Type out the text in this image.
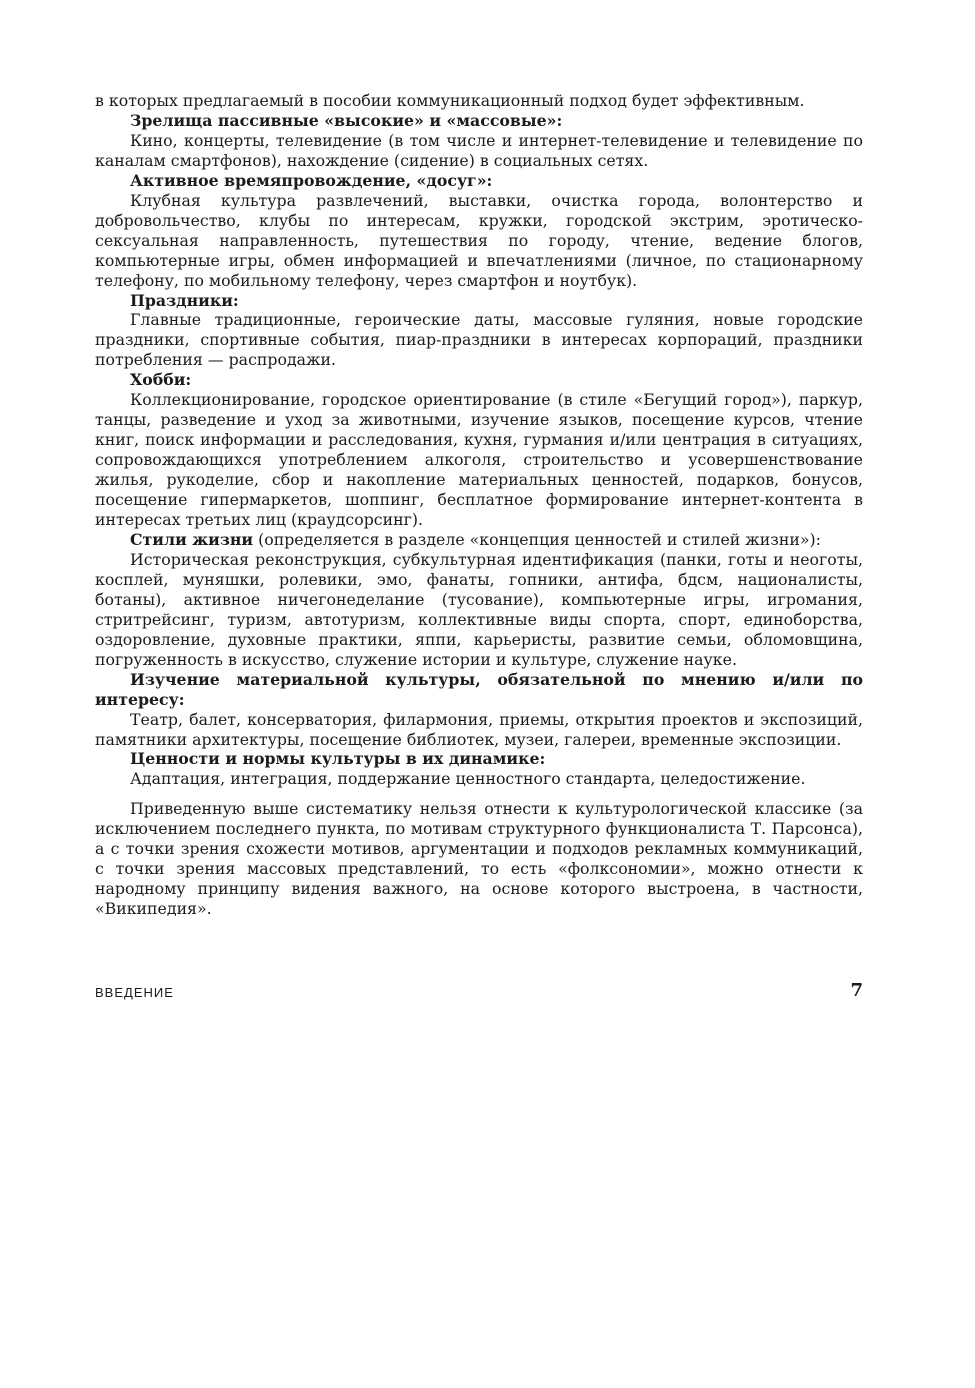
в которых предлагаемый в пособии коммуникационный подход будет эффективным.

Зрелища пассивные «высокие» и «массовые»:

Кино, концерты, телевидение (в том числе и интернет-телевидение и телевидение по каналам смартфонов), нахождение (сидение) в социальных сетях.

Активное времяпровождение, «досуг»:

Клубная культура развлечений, выставки, очистка города, волонтерство и добровольчество, клубы по интересам, кружки, городской экстрим, эротическо-сексуальная направленность, путешествия по городу, чтение, ведение блогов, компьютерные игры, обмен информацией и впечатлениями (личное, по стационарному телефону, по мобильному телефону, через смартфон и ноутбук).

Праздники:

Главные традиционные, героические даты, массовые гуляния, новые городские праздники, спортивные события, пиар-праздники в интересах корпораций, праздники потребления — распродажи.

Хобби:

Коллекционирование, городское ориентирование (в стиле «Бегущий город»), паркур, танцы, разведение и уход за животными, изучение языков, посещение курсов, чтение книг, поиск информации и расследования, кухня, гурмания и/или центрация в ситуациях, сопровождающихся употреблением алкоголя, строительство и усовершенствование жилья, рукоделие, сбор и накопление материальных ценностей, подарков, бонусов, посещение гипермаркетов, шоппинг, бесплатное формирование интернет-контента в интересах третьих лиц (краудсорсинг).

Стили жизни (определяется в разделе «концепция ценностей и стилей жизни»):

Историческая реконструкция, субкультурная идентификация (панки, готы и неоготы, косплей, муняшки, ролевики, эмо, фанаты, гопники, антифа, бдсм, националисты, ботаны), активное ничегонеделание (тусование), компьютерные игры, игромания, стритрейсинг, туризм, автотуризм, коллективные виды спорта, спорт, единоборства, оздоровление, духовные практики, яппи, карьеристы, развитие семьи, обломовщина, погруженность в искусство, служение истории и культуре, служение науке.

Изучение материальной культуры, обязательной по мнению и/или по интересу:

Театр, балет, консерватория, филармония, приемы, открытия проектов и экспозиций, памятники архитектуры, посещение библиотек, музеи, галереи, временные экспозиции.

Ценности и нормы культуры в их динамике:

Адаптация, интеграция, поддержание ценностного стандарта, целедостижение.

Приведенную выше систематику нельзя отнести к культурологической классике (за исключением последнего пункта, по мотивам структурного функционалиста Т. Парсонса), а с точки зрения схожести мотивов, аргументации и подходов рекламных коммуникаций, с точки зрения массовых представлений, то есть «фолксономии», можно отнести к народному принципу видения важного, на основе которого выстроена, в частности, «Википедия».

ВВЕДЕНИЕ	7
